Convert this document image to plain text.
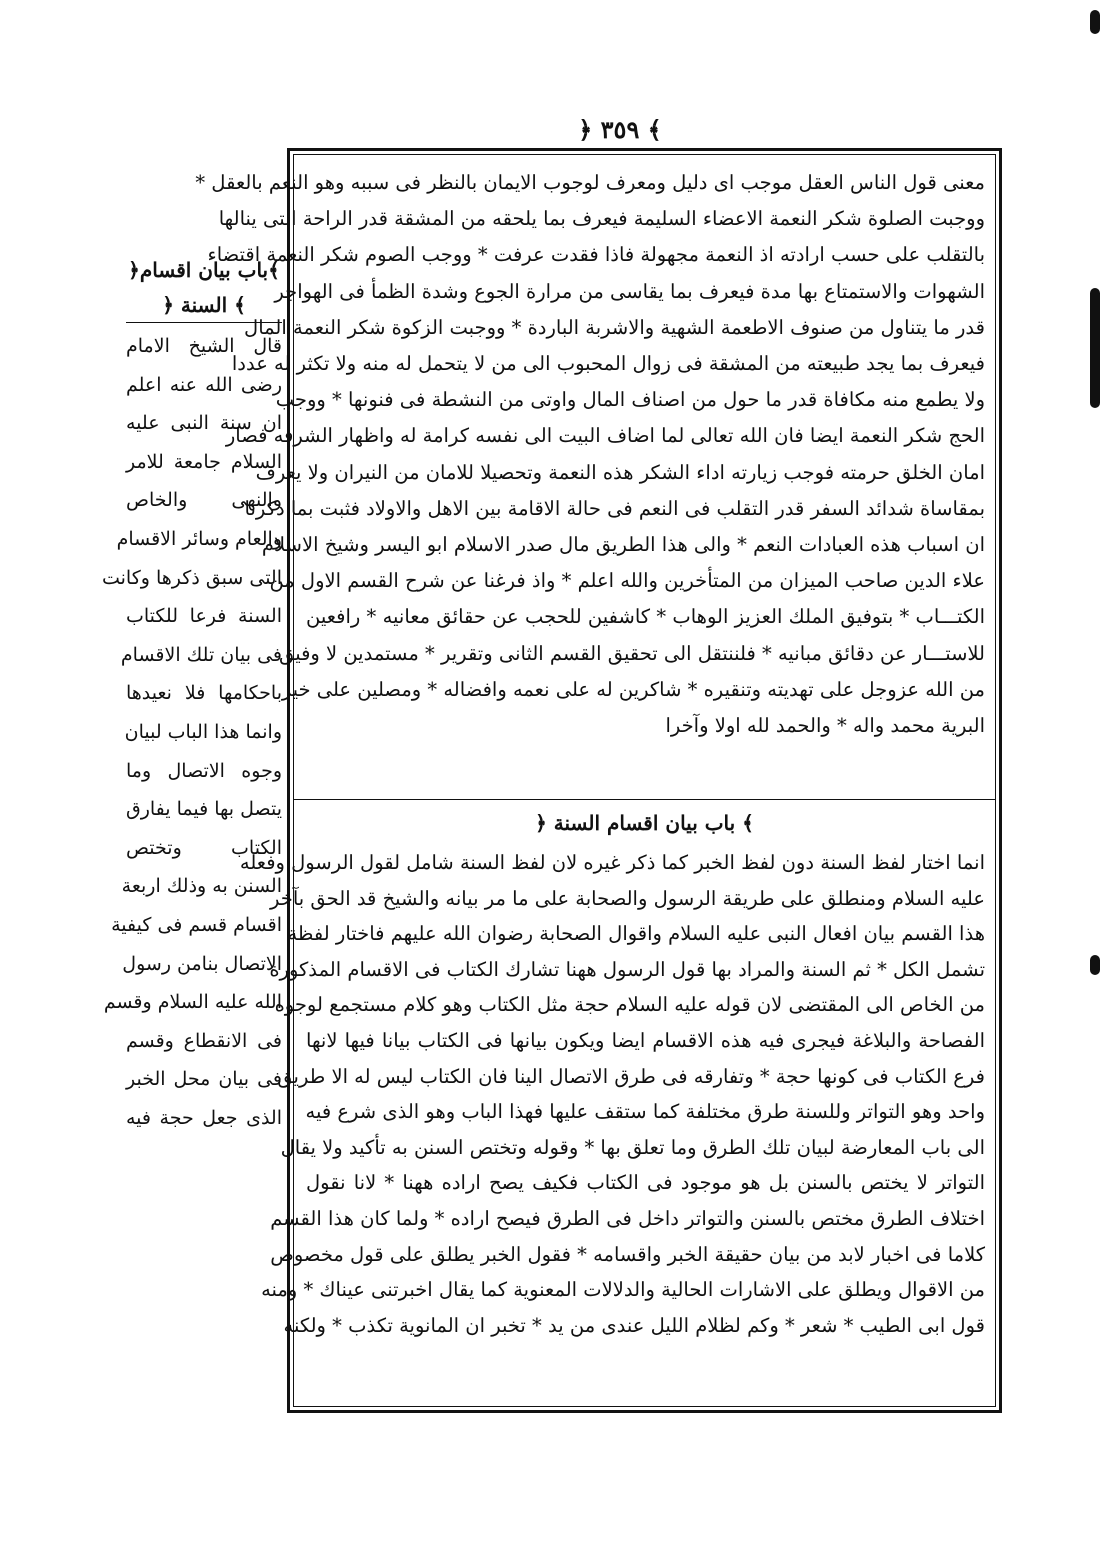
﴾ ٣٥٩ ﴿
﴾باب بيان اقسام﴿
﴾ السنة ﴿
قال الشيخ الامام
رضى الله عنه اعلم
ان سنة النبى عليه
السلام جامعة للامر
والنهى والخاص
والعام وسائر الاقسام
التى سبق ذكرها وكانت
السنة فرعا للكتاب
فى بيان تلك الاقسام
باحكامها فلا نعيدها
وانما هذا الباب لبيان
وجوه الاتصال وما
يتصل بها فيما يفارق
الكتاب وتختص
السنن به وذلك اربعة
اقسام قسم فى كيفية
الاتصال بنامن رسول
الله عليه السلام وقسم
فى الانقطاع وقسم
فى بيان محل الخبر
الذى جعل حجة فيه
معنى قول الناس العقل موجب اى دليل ومعرف لوجوب الايمان بالنظر فى سببه وهو النعم بالعقل *
ووجبت الصلوة شكر النعمة الاعضاء السليمة فيعرف بما يلحقه من المشقة قدر الراحة التى ينالها
بالتقلب على حسب ارادته اذ النعمة مجهولة فاذا فقدت عرفت * ووجب الصوم شكر النعمة اقتضاء
الشهوات والاستمتاع بها مدة فيعرف بما يقاسى من مرارة الجوع وشدة الظمأ فى الهواجر
قدر ما يتناول من صنوف الاطعمة الشهية والاشربة الباردة * ووجبت الزكوة شكر النعمة المال
فيعرف بما يجد طبيعته من المشقة فى زوال المحبوب الى من لا يتحمل له منه ولا تكثر له عددا
ولا يطمع منه مكافاة قدر ما حول من اصناف المال واوتى من النشطة فى فنونها * ووجب
الحج شكر النعمة ايضا فان الله تعالى لما اضاف البيت الى نفسه كرامة له واظهار الشرفه فصار
امان الخلق حرمته فوجب زيارته اداء الشكر هذه النعمة وتحصيلا للامان من النيران ولا يعرف
بمقاساة شدائد السفر قدر التقلب فى النعم فى حالة الاقامة بين الاهل والاولاد فثبت بما ذكرنا
ان اسباب هذه العبادات النعم * والى هذا الطريق مال صدر الاسلام ابو اليسر وشيخ الاسلام
علاء الدين صاحب الميزان من المتأخرين والله اعلم * واذ فرغنا عن شرح القسم الاول من
الكتـــاب * بتوفيق الملك العزيز الوهاب * كاشفين للحجب عن حقائق معانيه * رافعين
للاستـــار عن دقائق مبانيه * فلننتقل الى تحقيق القسم الثانى وتقرير * مستمدين لا وفيق
من الله عزوجل على تهديته وتنقيره * شاكرين له على نعمه وافضاله * ومصلين على خير
البرية محمد واله * والحمد لله اولا وآخرا
﴾ باب بيان اقسام السنة ﴿
انما اختار لفظ السنة دون لفظ الخبر كما ذكر غيره لان لفظ السنة شامل لقول الرسول وفعله
عليه السلام ومنطلق على طريقة الرسول والصحابة على ما مر بيانه والشيخ قد الحق بآخر
هذا القسم بيان افعال النبى عليه السلام واقوال الصحابة رضوان الله عليهم فاختار لفظة
تشمل الكل * ثم السنة والمراد بها قول الرسول ههنا تشارك الكتاب فى الاقسام المذكورة
من الخاص الى المقتضى لان قوله عليه السلام حجة مثل الكتاب وهو كلام مستجمع لوجوه
الفصاحة والبلاغة فيجرى فيه هذه الاقسام ايضا ويكون بيانها فى الكتاب بيانا فيها لانها
فرع الكتاب فى كونها حجة * وتفارقه فى طرق الاتصال الينا فان الكتاب ليس له الا طريق
واحد وهو التواتر وللسنة طرق مختلفة كما ستقف عليها فهذا الباب وهو الذى شرع فيه
الى باب المعارضة لبيان تلك الطرق وما تعلق بها * وقوله وتختص السنن به تأكيد ولا يقال
التواتر لا يختص بالسنن بل هو موجود فى الكتاب فكيف يصح اراده ههنا * لانا نقول
اختلاف الطرق مختص بالسنن والتواتر داخل فى الطرق فيصح اراده * ولما كان هذا القسم
كلاما فى اخبار لابد من بيان حقيقة الخبر واقسامه * فقول الخبر يطلق على قول مخصوص
من الاقوال ويطلق على الاشارات الحالية والدلالات المعنوية كما يقال اخبرتنى عيناك * ومنه
قول ابى الطيب * شعر * وكم لظلام الليل عندى من يد * تخبر ان المانوية تكذب * ولكنه
